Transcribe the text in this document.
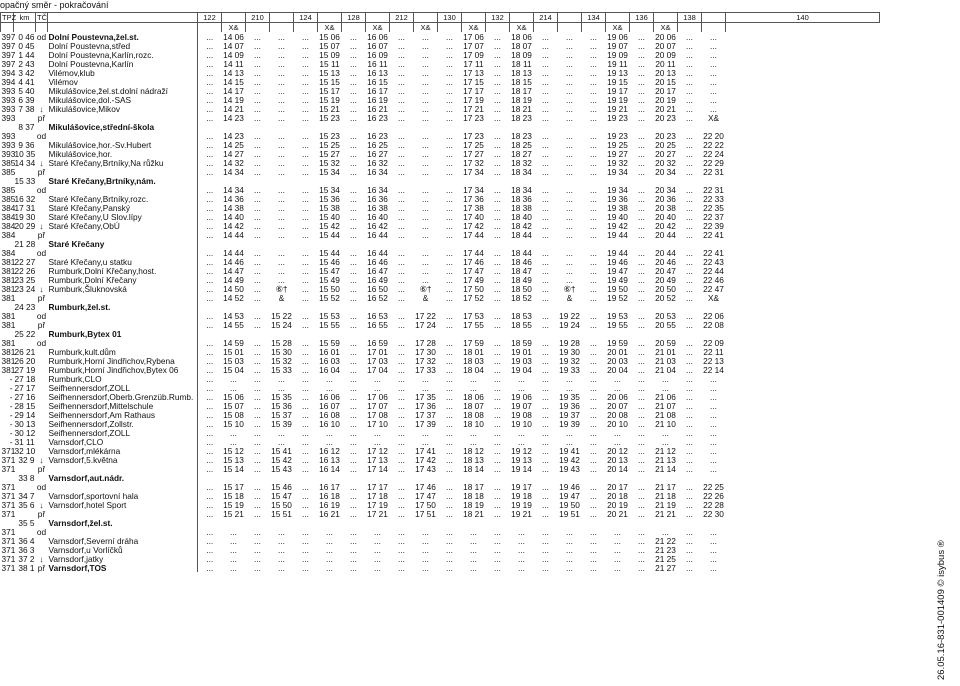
opačný směr - pokračování
TPZ	km	TČ		122		210		124		128		212		130		132		214		134		136		138		140
					X&				X&		X&		X&		X&		X&				X&		X&			
397	0 46	od	Dolní Poustevna,žel.st.	...	14 06	...	...	...	15 06	...	16 06	...	...	...	17 06	...	18 06	...	...	...	19 06	...	20 06	...	...	
397	0 45		Dolní Poustevna,střed	...	14 07	...	...	...	15 07	...	16 07	...	...	...	17 07	...	18 07	...	...	...	19 07	...	20 07	...	...	
397	1 44		Dolní Poustevna,Karlín,rozc.	...	14 09	...	...	...	15 09	...	16 09	...	...	...	17 09	...	18 09	...	...	...	19 09	...	20 09	...	...	
397	2 43		Dolní Poustevna,Karlín	...	14 11	...	...	...	15 11	...	16 11	...	...	...	17 11	...	18 11	...	...	...	19 11	...	20 11	...	...	
394	3 42		Vilémov,klub	...	14 13	...	...	...	15 13	...	16 13	...	...	...	17 13	...	18 13	...	...	...	19 13	...	20 13	...	...	
394	4 41		Vilémov	...	14 15	...	...	...	15 15	...	16 15	...	...	...	17 15	...	18 15	...	...	...	19 15	...	20 15	...	...	
393	5 40		Mikulášovice,žel.st.dolní nádraží	...	14 17	...	...	...	15 17	...	16 17	...	...	...	17 17	...	18 17	...	...	...	19 17	...	20 17	...	...	
393	6 39		Mikulášovice,dol.-SAS	...	14 19	...	...	...	15 19	...	16 19	...	...	...	17 19	...	18 19	...	...	...	19 19	...	20 19	...	...	
393	7 38	↓	Mikulášovice,Mikov	...	14 21	...	...	...	15 21	...	16 21	...	...	...	17 21	...	18 21	...	...	...	19 21	...	20 21	...	...	
393		př		...	14 23	...	...	...	15 23	...	16 23	...	...	...	17 23	...	18 23	...	...	...	19 23	...	20 23	...	X&	
	8 37		Mikulášovice,střední-škola																							
393		od		...	14 23	...	...	...	15 23	...	16 23	...	...	...	17 23	...	18 23	...	...	...	19 23	...	20 23	...	22 20	
393	9 36		Mikulášovice,hor.-Sv.Hubert	...	14 25	...	...	...	15 25	...	16 25	...	...	...	17 25	...	18 25	...	...	...	19 25	...	20 25	...	22 22	
393	10 35		Mikulášovice,hor.	...	14 27	...	...	...	15 27	...	16 27	...	...	...	17 27	...	18 27	...	...	...	19 27	...	20 27	...	22 24	
385	14 34	↓	Staré Křečany,Brtníky,Na růžku	...	14 32	...	...	...	15 32	...	16 32	...	...	...	17 32	...	18 32	...	...	...	19 32	...	20 32	...	22 29	
385		př		...	14 34	...	...	...	15 34	...	16 34	...	...	...	17 34	...	18 34	...	...	...	19 34	...	20 34	...	22 31	
	15 33		Staré Křečany,Brtníky,nám.																							
385		od		...	14 34	...	...	...	15 34	...	16 34	...	...	...	17 34	...	18 34	...	...	...	19 34	...	20 34	...	22 31	
385	16 32		Staré Křečany,Brtníky,rozc.	...	14 36	...	...	...	15 36	...	16 36	...	...	...	17 36	...	18 36	...	...	...	19 36	...	20 36	...	22 33	
384	17 31		Staré Křečany,Panský	...	14 38	...	...	...	15 38	...	16 38	...	...	...	17 38	...	18 38	...	...	...	19 38	...	20 38	...	22 35	
384	19 30		Staré Křečany,U Slov.lípy	...	14 40	...	...	...	15 40	...	16 40	...	...	...	17 40	...	18 40	...	...	...	19 40	...	20 40	...	22 37	
384	20 29	↓	Staré Křečany,ObÚ	...	14 42	...	...	...	15 42	...	16 42	...	...	...	17 42	...	18 42	...	...	...	19 42	...	20 42	...	22 39	
384		př		...	14 44	...	...	...	15 44	...	16 44	...	...	...	17 44	...	18 44	...	...	...	19 44	...	20 44	...	22 41	
	21 28		Staré Křečany																							
384		od		...	14 44	...	...	...	15 44	...	16 44	...	...	...	17 44	...	18 44	...	...	...	19 44	...	20 44	...	22 41	
381	22 27		Staré Křečany,u statku	...	14 46	...	...	...	15 46	...	16 46	...	...	...	17 46	...	18 46	...	...	...	19 46	...	20 46	...	22 43	
381	22 26		Rumburk,Dolní Křečany,host.	...	14 47	...	...	...	15 47	...	16 47	...	...	...	17 47	...	18 47	...	...	...	19 47	...	20 47	...	22 44	
381	23 25		Rumburk,Dolní Křečany	...	14 49	...	...	...	15 49	...	16 49	...	...	...	17 49	...	18 49	...	...	...	19 49	...	20 49	...	22 46	
381	23 24	↓	Rumburk,Šluknovská	...	14 50	...	⑥†	...	15 50	...	16 50	...	⑥†	...	17 50	...	18 50	...	⑥†	...	19 50	...	20 50	...	22 47	
381		př		...	14 52	...	&	...	15 52	...	16 52	...	&	...	17 52	...	18 52	...	&	...	19 52	...	20 52	...	X&	
	24 23		Rumburk,žel.st.																							
381		od		...	14 53	...	15 22	...	15 53	...	16 53	...	17 22	...	17 53	...	18 53	...	19 22	...	19 53	...	20 53	...	22 06	
381		př		...	14 55	...	15 24	...	15 55	...	16 55	...	17 24	...	17 55	...	18 55	...	19 24	...	19 55	...	20 55	...	22 08	
	25 22		Rumburk,Bytex 01																							
381		od		...	14 59	...	15 28	...	15 59	...	16 59	...	17 28	...	17 59	...	18 59	...	19 28	...	19 59	...	20 59	...	22 09	
381	26 21		Rumburk,kult.dům	...	15 01	...	15 30	...	16 01	...	17 01	...	17 30	...	18 01	...	19 01	...	19 30	...	20 01	...	21 01	...	22 11	
381	26 20		Rumburk,Horní Jindřichov,Rybena	...	15 03	...	15 32	...	16 03	...	17 03	...	17 32	...	18 03	...	19 03	...	19 32	...	20 03	...	21 03	...	22 13	
381	27 19		Rumburk,Horní Jindřichov,Bytex 06	...	15 04	...	15 33	...	16 04	...	17 04	...	17 33	...	18 04	...	19 04	...	19 33	...	20 04	...	21 04	...	22 14	
-	27 18		Rumburk,CLO	...	...	...	...	...	...	...	...	...	...	...	...	...	...	...	...	...	...	...	...	...	...	
-	27 17		Seifhennersdorf,ZOLL	...	...	...	...	...	...	...	...	...	...	...	...	...	...	...	...	...	...	...	...	...	...	
-	27 16		Seifhennersdorf,Oberb.Grenzüb.Rumb.	...	15 06	...	15 35	...	16 06	...	17 06	...	17 35	...	18 06	...	19 06	...	19 35	...	20 06	...	21 06	...	...	
-	28 15		Seifhennersdorf,Mittelschule	...	15 07	...	15 36	...	16 07	...	17 07	...	17 36	...	18 07	...	19 07	...	19 36	...	20 07	...	21 07	...	...	
-	29 14		Seifhennersdorf,Am Rathaus	...	15 08	...	15 37	...	16 08	...	17 08	...	17 37	...	18 08	...	19 08	...	19 37	...	20 08	...	21 08	...	...	
-	30 13		Seifhennersdorf,Zollstr.	...	15 10	...	15 39	...	16 10	...	17 10	...	17 39	...	18 10	...	19 10	...	19 39	...	20 10	...	21 10	...	...	
-	30 12		Seifhennersdorf,ZOLL	...	...	...	...	...	...	...	...	...	...	...	...	...	...	...	...	...	...	...	...	...	...	
-	31 11		Varnsdorf,CLO	...	...	...	...	...	...	...	...	...	...	...	...	...	...	...	...	...	...	...	...	...	...	
371	32 10		Varnsdorf,mlékárna	...	15 12	...	15 41	...	16 12	...	17 12	...	17 41	...	18 12	...	19 12	...	19 41	...	20 12	...	21 12	...	...	
371	32 9	↓	Varnsdorf,5.května	...	15 13	...	15 42	...	16 13	...	17 13	...	17 42	...	18 13	...	19 13	...	19 42	...	20 13	...	21 13	...	...	
371		př		...	15 14	...	15 43	...	16 14	...	17 14	...	17 43	...	18 14	...	19 14	...	19 43	...	20 14	...	21 14	...	...	
	33 8		Varnsdorf,aut.nádr.																							
371		od		...	15 17	...	15 46	...	16 17	...	17 17	...	17 46	...	18 17	...	19 17	...	19 46	...	20 17	...	21 17	...	22 25	
371	34 7		Varnsdorf,sportovní hala	...	15 18	...	15 47	...	16 18	...	17 18	...	17 47	...	18 18	...	19 18	...	19 47	...	20 18	...	21 18	...	22 26	
371	35 6	↓	Varnsdorf,hotel Sport	...	15 19	...	15 50	...	16 19	...	17 19	...	17 50	...	18 19	...	19 19	...	19 50	...	20 19	...	21 19	...	22 28	
371		př		...	15 21	...	15 51	...	16 21	...	17 21	...	17 51	...	18 21	...	19 21	...	19 51	...	20 21	...	21 21	...	22 30	
	35 5		Varnsdorf,žel.st.																							
371		od		...	...	...	...	...	...	...	...	...	...	...	...	...	...	...	...	...	...	...	...	...	...	
371	36 4		Varnsdorf,Severní dráha	...	...	...	...	...	...	...	...	...	...	...	...	...	...	...	...	...	...	...	21 22	...	...	
371	36 3		Varnsdorf,u Vorlíčků	...	...	...	...	...	...	...	...	...	...	...	...	...	...	...	...	...	...	...	21 23	...	...	
371	37 2	↓	Varnsdorf,jatky	...	...	...	...	...	...	...	...	...	...	...	...	...	...	...	...	...	...	...	21 25	...	...	
371	38 1	př	Varnsdorf,TOS	...	...	...	...	...	...	...	...	...	...	...	...	...	...	...	...	...	...	...	21 27	...	...		26.05.16-831-001409 © isybus ®
